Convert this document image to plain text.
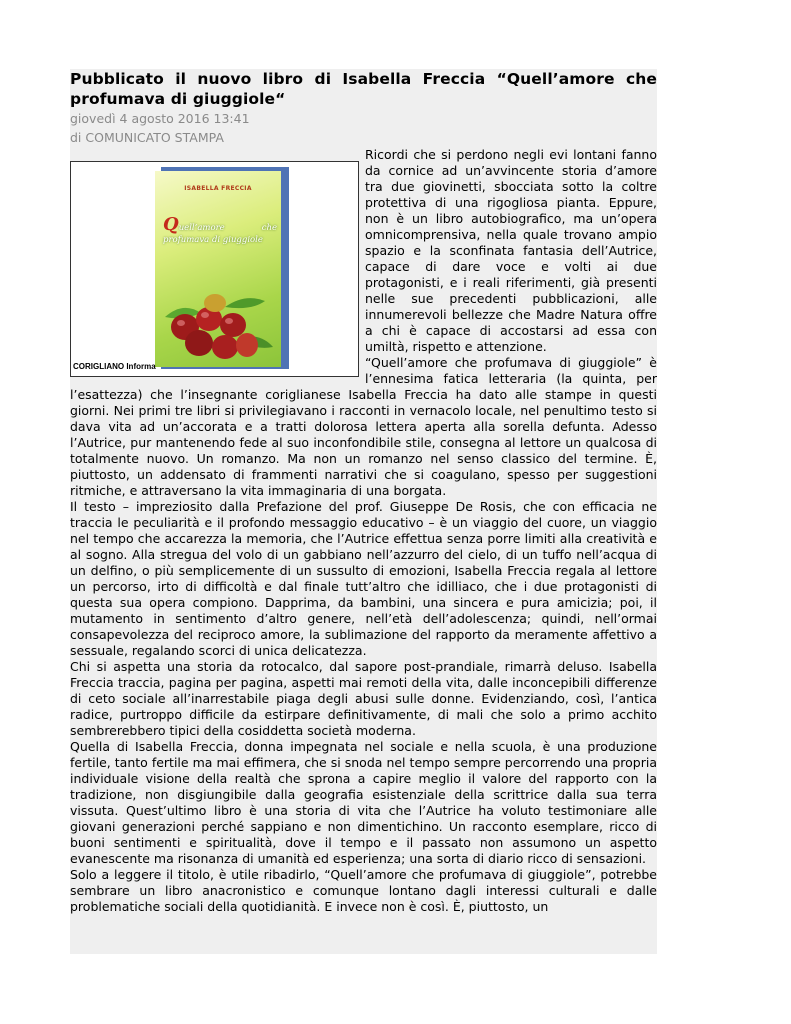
Pubblicato il nuovo libro di Isabella Freccia “Quell’amore che profumava di giuggiole“

giovedì 4 agosto 2016 13:41

di COMUNICATO STAMPA

ISABELLA FRECCIA
Quell’amore che profumava di giuggiole
CORIGLIANO Informa

Ricordi che si perdono negli evi lontani fanno da cornice ad un’avvincente storia d’amore tra due giovinetti, sbocciata sotto la coltre protettiva di una rigogliosa pianta. Eppure, non è un libro autobiografico, ma un’opera omnicomprensiva, nella quale trovano ampio spazio e la sconfinata fantasia dell’Autrice, capace di dare voce e volti ai due protagonisti, e i reali riferimenti, già presenti nelle sue precedenti pubblicazioni, alle innumerevoli bellezze che Madre Natura offre a chi è capace di accostarsi ad essa con umiltà, rispetto e attenzione.

“Quell’amore che profumava di giuggiole” è l’ennesima fatica letteraria (la quinta, per l’esattezza) che l’insegnante coriglianese Isabella Freccia ha dato alle stampe in questi giorni. Nei primi tre libri si privilegiavano i racconti in vernacolo locale, nel penultimo testo si dava vita ad un’accorata e a tratti dolorosa lettera aperta alla sorella defunta. Adesso l’Autrice, pur mantenendo fede al suo inconfondibile stile, consegna al lettore un qualcosa di totalmente nuovo. Un romanzo. Ma non un romanzo nel senso classico del termine. È, piuttosto, un addensato di frammenti narrativi che si coagulano, spesso per suggestioni ritmiche, e attraversano la vita immaginaria di una borgata.

Il testo – impreziosito dalla Prefazione del prof. Giuseppe De Rosis, che con efficacia ne traccia le peculiarità e il profondo messaggio educativo – è un viaggio del cuore, un viaggio nel tempo che accarezza la memoria, che l’Autrice effettua senza porre limiti alla creatività e al sogno. Alla stregua del volo di un gabbiano nell’azzurro del cielo, di un tuffo nell’acqua di un delfino, o più semplicemente di un sussulto di emozioni, Isabella Freccia regala al lettore un percorso, irto di difficoltà e dal finale tutt’altro che idilliaco, che i due protagonisti di questa sua opera compiono. Dapprima, da bambini, una sincera e pura amicizia; poi, il mutamento in sentimento d’altro genere, nell’età dell’adolescenza; quindi, nell’ormai consapevolezza del reciproco amore, la sublimazione del rapporto da meramente affettivo a sessuale, regalando scorci di unica delicatezza.

Chi si aspetta una storia da rotocalco, dal sapore post-prandiale, rimarrà deluso. Isabella Freccia traccia, pagina per pagina, aspetti mai remoti della vita, dalle inconcepibili differenze di ceto sociale all’inarrestabile piaga degli abusi sulle donne. Evidenziando, così, l’antica radice, purtroppo difficile da estirpare definitivamente, di mali che solo a primo acchito sembrerebbero tipici della cosiddetta società moderna.

Quella di Isabella Freccia, donna impegnata nel sociale e nella scuola, è una produzione fertile, tanto fertile ma mai effimera, che si snoda nel tempo sempre percorrendo una propria individuale visione della realtà che sprona a capire meglio il valore del rapporto con la tradizione, non disgiungibile dalla geografia esistenziale della scrittrice dalla sua terra vissuta. Quest’ultimo libro è una storia di vita che l’Autrice ha voluto testimoniare alle giovani generazioni perché sappiano e non dimentichino. Un racconto esemplare, ricco di buoni sentimenti e spiritualità, dove il tempo e il passato non assumono un aspetto evanescente ma risonanza di umanità ed esperienza; una sorta di diario ricco di sensazioni.

Solo a leggere il titolo, è utile ribadirlo, “Quell’amore che profumava di giuggiole”, potrebbe sembrare un libro anacronistico e comunque lontano dagli interessi culturali e dalle problematiche sociali della quotidianità. E invece non è così. È, piuttosto, un
